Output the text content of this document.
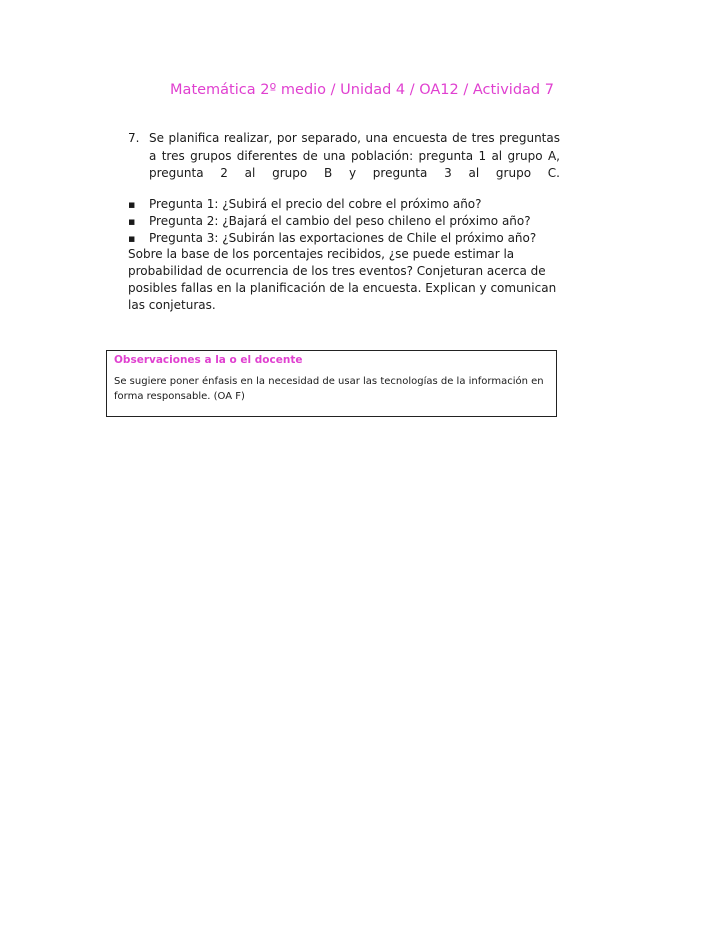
Matemática 2º medio / Unidad 4 / OA12 / Actividad 7
7. Se planifica realizar, por separado, una encuesta de tres preguntas a tres grupos diferentes de una población: pregunta 1 al grupo A, pregunta 2 al grupo B y pregunta 3 al grupo C.
▪ Pregunta 1: ¿Subirá el precio del cobre el próximo año?
▪ Pregunta 2: ¿Bajará el cambio del peso chileno el próximo año?
▪ Pregunta 3: ¿Subirán las exportaciones de Chile el próximo año?
Sobre la base de los porcentajes recibidos, ¿se puede estimar la probabilidad de ocurrencia de los tres eventos? Conjeturan acerca de posibles fallas en la planificación de la encuesta. Explican y comunican las conjeturas.
Observaciones a la o el docente
Se sugiere poner énfasis en la necesidad de usar las tecnologías de la información en forma responsable. (OA F)
